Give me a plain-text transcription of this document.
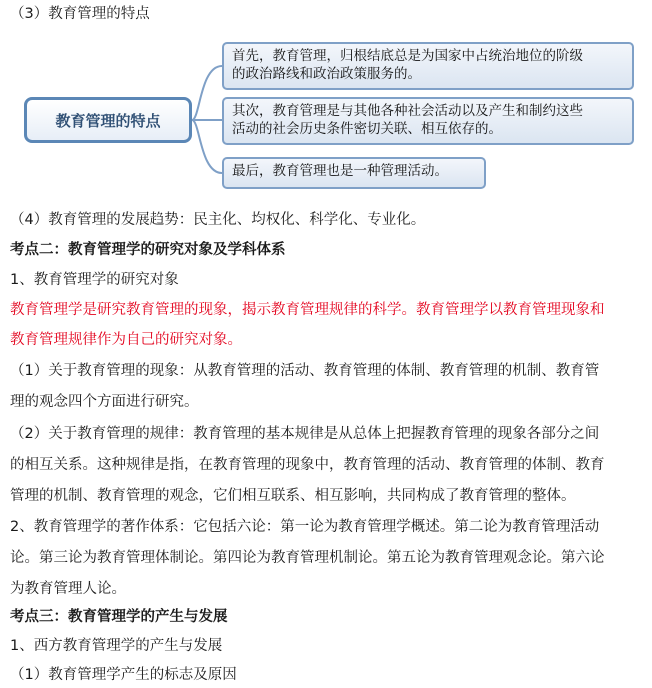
（3）教育管理的特点
教育管理的特点
首先，教育管理，归根结底总是为国家中占统治地位的阶级
的政治路线和政治政策服务的。
其次，教育管理是与其他各种社会活动以及产生和制约这些
活动的社会历史条件密切关联、相互依存的。
最后，教育管理也是一种管理活动。
（4）教育管理的发展趋势：民主化、均权化、科学化、专业化。
考点二：教育管理学的研究对象及学科体系
1、教育管理学的研究对象
教育管理学是研究教育管理的现象，揭示教育管理规律的科学。教育管理学以教育管理现象和
教育管理规律作为自己的研究对象。
（1）关于教育管理的现象：从教育管理的活动、教育管理的体制、教育管理的机制、教育管
理的观念四个方面进行研究。
（2）关于教育管理的规律：教育管理的基本规律是从总体上把握教育管理的现象各部分之间
的相互关系。这种规律是指，在教育管理的现象中，教育管理的活动、教育管理的体制、教育
管理的机制、教育管理的观念，它们相互联系、相互影响，共同构成了教育管理的整体。
2、教育管理学的著作体系：它包括六论：第一论为教育管理学概述。第二论为教育管理活动
论。第三论为教育管理体制论。第四论为教育管理机制论。第五论为教育管理观念论。第六论
为教育管理人论。
考点三：教育管理学的产生与发展
1、西方教育管理学的产生与发展
（1）教育管理学产生的标志及原因
